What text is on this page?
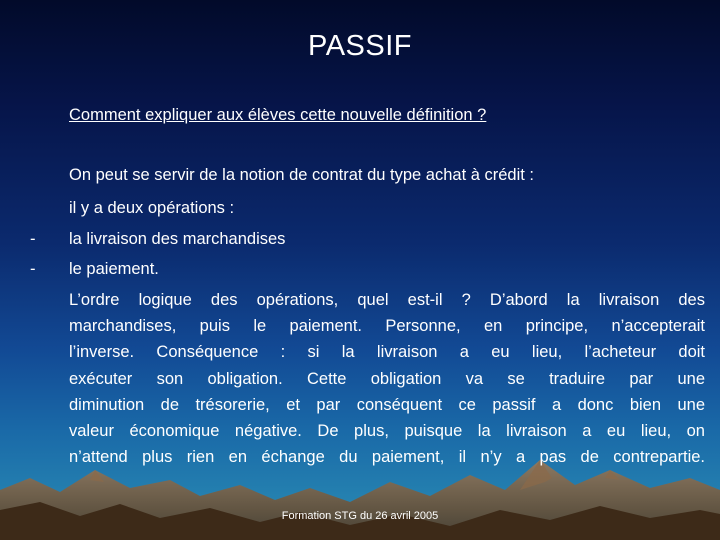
PASSIF
Comment expliquer aux élèves cette nouvelle définition ?
On peut se servir de la notion de contrat du type achat à crédit :
il y a deux opérations :
- la livraison des marchandises
- le paiement.
L’ordre logique des opérations, quel est-il ? D’abord la livraison des
marchandises, puis le paiement. Personne, en principe, n’accepterait
l’inverse. Conséquence : si la livraison a eu lieu, l’acheteur doit
exécuter son obligation. Cette obligation va se traduire par une
diminution de trésorerie, et par conséquent ce passif a donc bien une
valeur économique négative. De plus, puisque la livraison a eu lieu, on
n’attend plus rien en échange du paiement, il n’y a pas de contrepartie.
Formation STG du 26 avril 2005
